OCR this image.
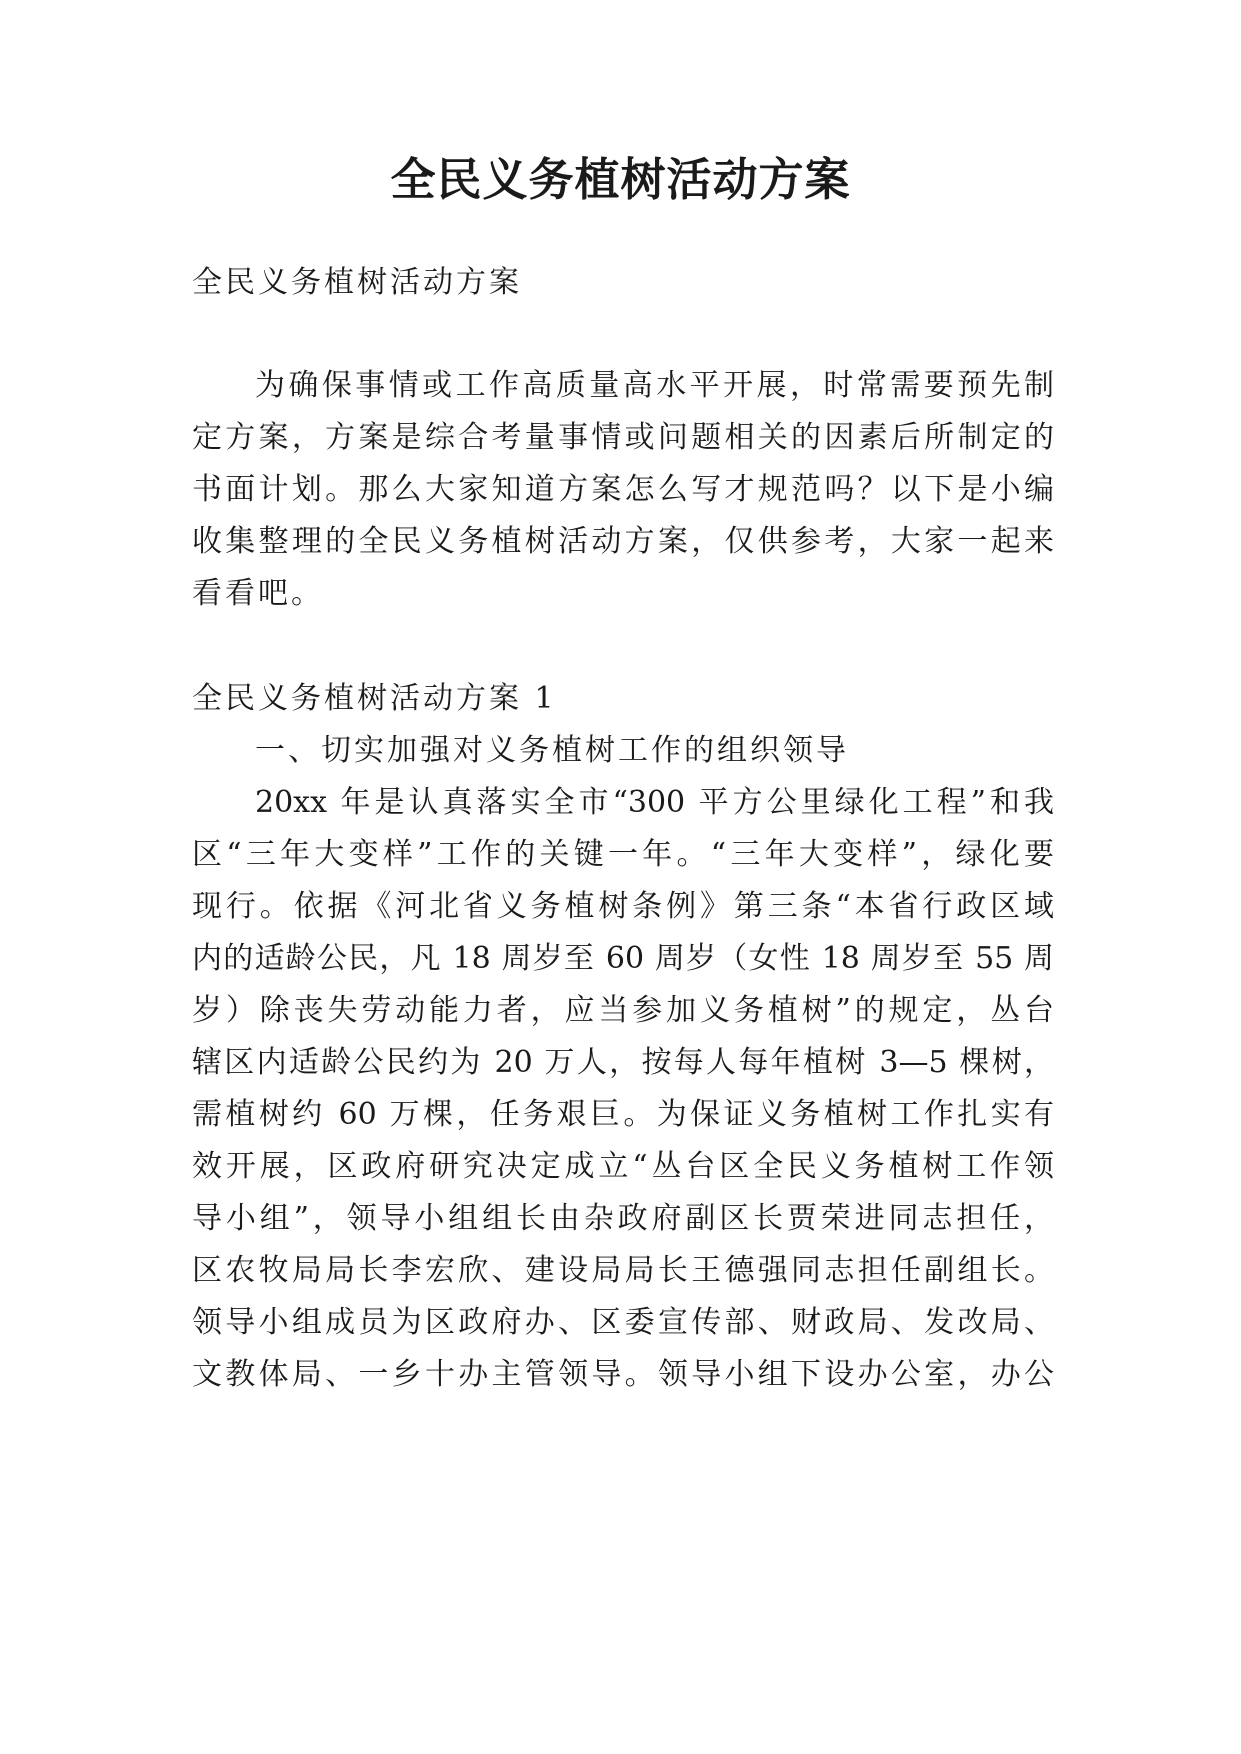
全民义务植树活动方案

全民义务植树活动方案

为确保事情或工作高质量高水平开展，时常需要预先制

定方案，方案是综合考量事情或问题相关的因素后所制定的

书面计划。那么大家知道方案怎么写才规范吗？以下是小编

收集整理的全民义务植树活动方案，仅供参考，大家一起来

看看吧。

全民义务植树活动方案 1

一、切实加强对义务植树工作的组织领导

20xx 年是认真落实全市“300 平方公里绿化工程”和我

区“三年大变样”工作的关键一年。“三年大变样”，绿化要

现行。依据《河北省义务植树条例》第三条“本省行政区域

内的适龄公民，凡 18 周岁至 60 周岁（女性 18 周岁至 55 周

岁）除丧失劳动能力者，应当参加义务植树”的规定，丛台

辖区内适龄公民约为 20 万人，按每人每年植树 3—5 棵树，

需植树约 60 万棵，任务艰巨。为保证义务植树工作扎实有

效开展，区政府研究决定成立“丛台区全民义务植树工作领

导小组”，领导小组组长由杂政府副区长贾荣进同志担任，

区农牧局局长李宏欣、建设局局长王德强同志担任副组长。

领导小组成员为区政府办、区委宣传部、财政局、发改局、

文教体局、一乡十办主管领导。领导小组下设办公室，办公
